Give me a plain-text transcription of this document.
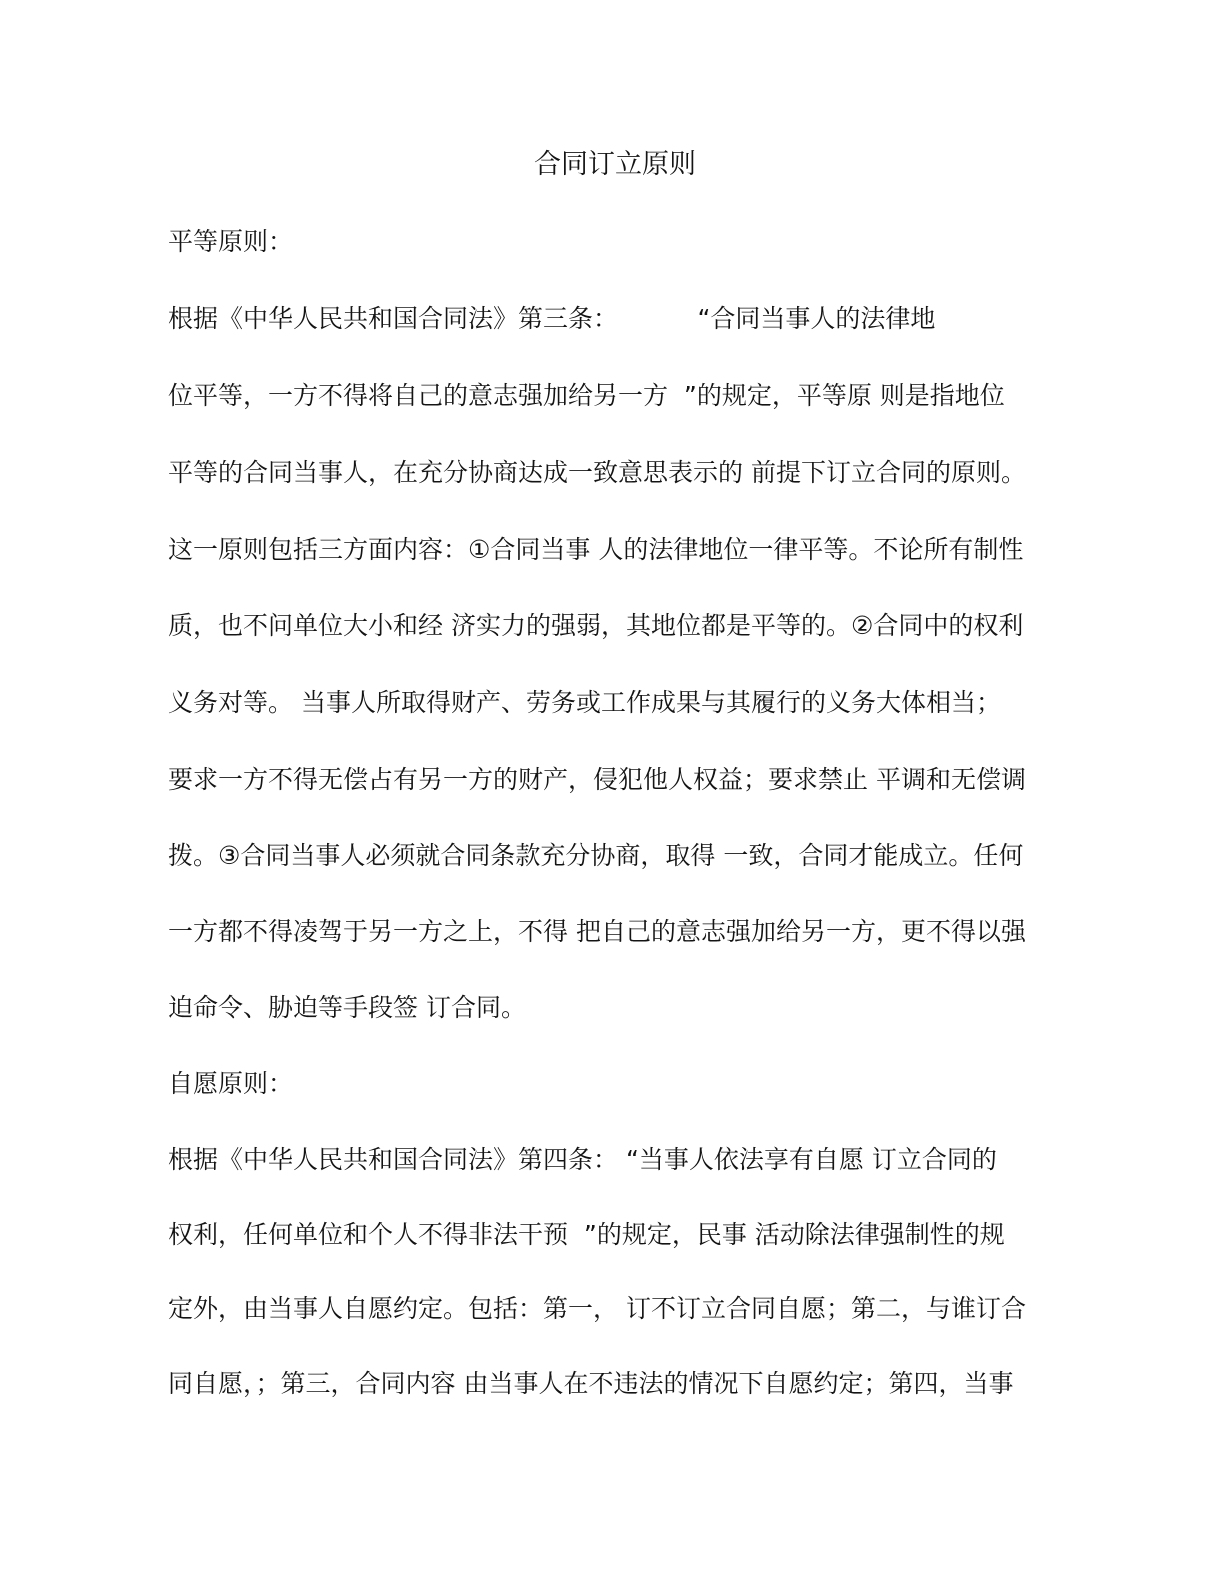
合同订立原则
平等原则：
根据《中华人民共和国合同法》第三条：          “合同当事人的法律地
位平等，一方不得将自己的意志强加给另一方  ”的规定，平等原 则是指地位
平等的合同当事人，在充分协商达成一致意思表示的 前提下订立合同的原则。
这一原则包括三方面内容：①合同当事 人的法律地位一律平等。不论所有制性
质，也不问单位大小和经 济实力的强弱，其地位都是平等的。②合同中的权利
义务对等。 当事人所取得财产、劳务或工作成果与其履行的义务大体相当；
要求一方不得无偿占有另一方的财产，侵犯他人权益；要求禁止 平调和无偿调
拨。③合同当事人必须就合同条款充分协商，取得 一致，合同才能成立。任何
一方都不得凌驾于另一方之上，不得 把自己的意志强加给另一方，更不得以强
迫命令、胁迫等手段签 订合同。
自愿原则：
根据《中华人民共和国合同法》第四条： “当事人依法享有自愿 订立合同的
权利，任何单位和个人不得非法干预  ”的规定，民事 活动除法律强制性的规
定外，由当事人自愿约定。包括：第一， 订不订立合同自愿；第二，与谁订合
同自愿，；第三，合同内容 由当事人在不违法的情况下自愿约定；第四，当事
